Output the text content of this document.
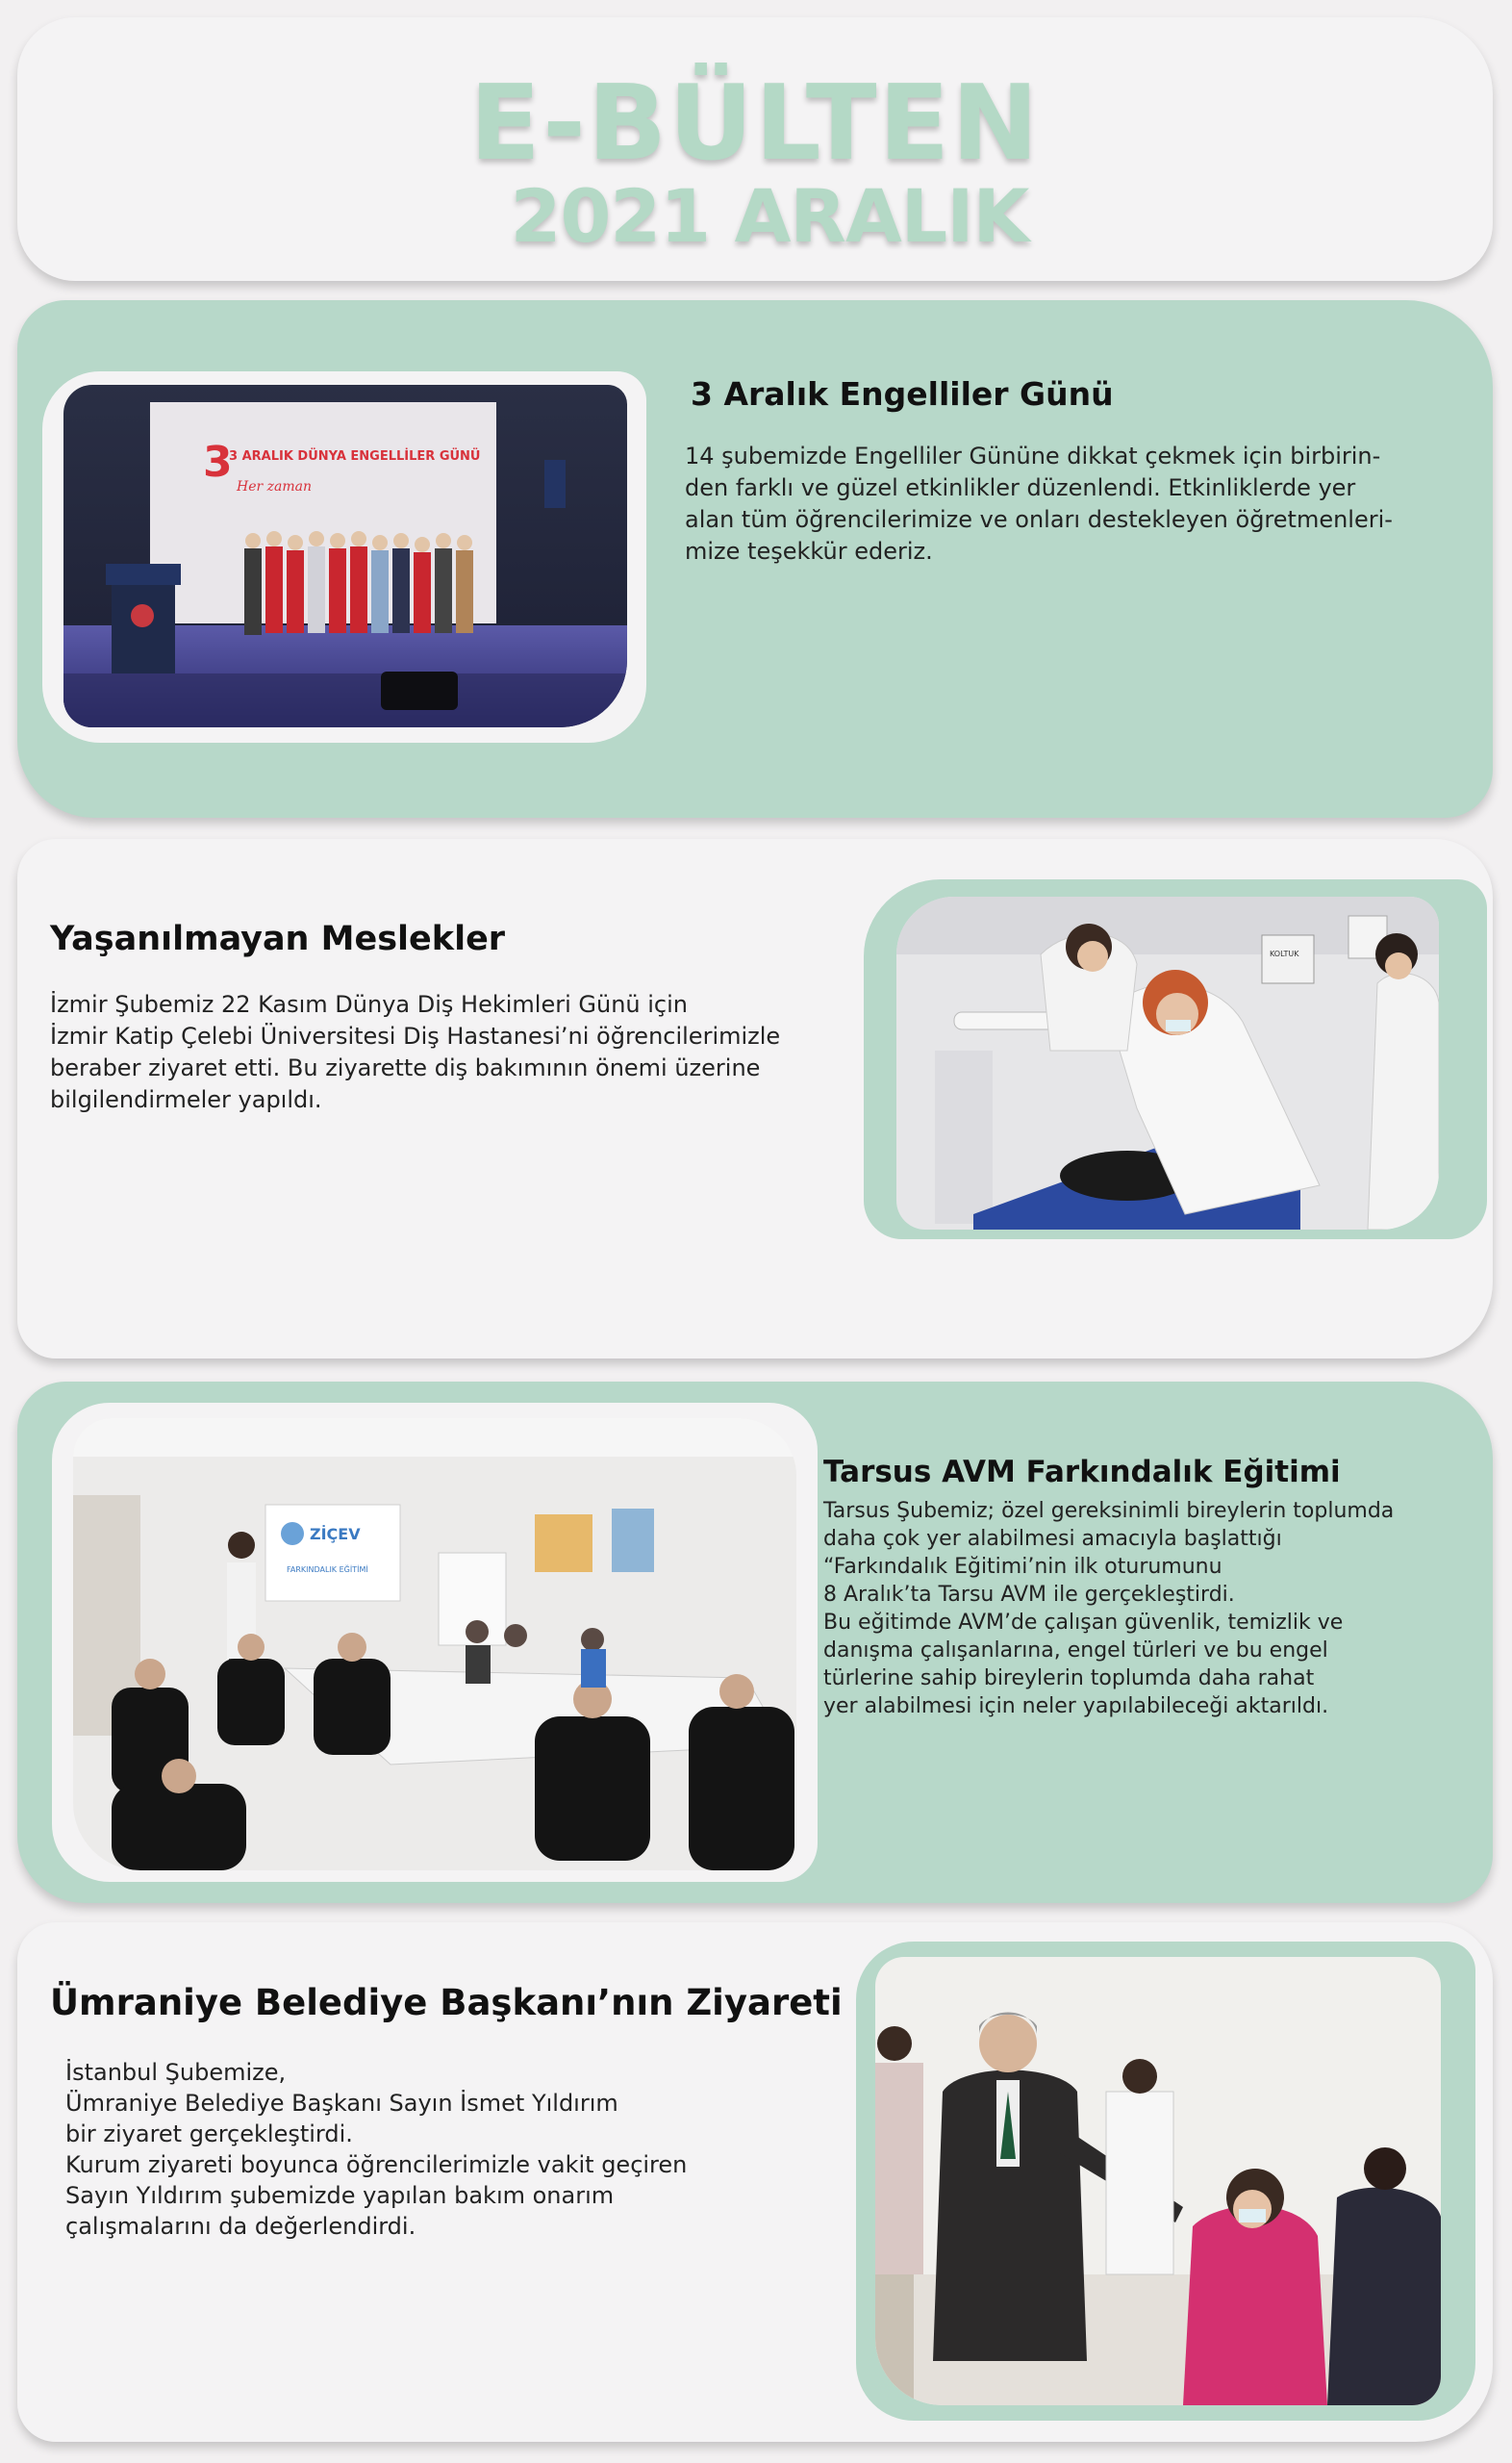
E-BÜLTEN
2021 ARALIK
3
3 ARALIK DÜNYA ENGELLİLER GÜNÜ
Her zaman
3 Aralık Engelliler Günü
14 şubemizde Engelliler Gününe dikkat çekmek için birbirin-
den farklı ve güzel etkinlikler düzenlendi. Etkinliklerde yer
alan tüm öğrencilerimize ve onları destekleyen öğretmenleri-
mize teşekkür ederiz.
Yaşanılmayan Meslekler
İzmir Şubemiz 22 Kasım Dünya Diş Hekimleri Günü için
İzmir Katip Çelebi Üniversitesi Diş Hastanesi’ni öğrencilerimizle
beraber ziyaret etti. Bu ziyarette diş bakımının önemi üzerine
bilgilendirmeler yapıldı.
KOLTUK
ZİÇEV
FARKINDALIK EĞİTİMİ
Tarsus AVM Farkındalık Eğitimi
Tarsus Şubemiz; özel gereksinimli bireylerin toplumda
daha çok yer alabilmesi amacıyla başlattığı
“Farkındalık Eğitimi’nin ilk oturumunu
8 Aralık’ta Tarsu AVM ile gerçekleştirdi.
Bu eğitimde AVM’de çalışan güvenlik, temizlik ve
danışma çalışanlarına, engel türleri ve bu engel
türlerine sahip bireylerin toplumda daha rahat
yer alabilmesi için neler yapılabileceği aktarıldı.
Ümraniye Belediye Başkanı’nın Ziyareti
İstanbul Şubemize,
Ümraniye Belediye Başkanı Sayın İsmet Yıldırım
bir ziyaret gerçekleştirdi.
Kurum ziyareti boyunca öğrencilerimizle vakit geçiren
Sayın Yıldırım şubemizde yapılan bakım onarım
çalışmalarını da değerlendirdi.
